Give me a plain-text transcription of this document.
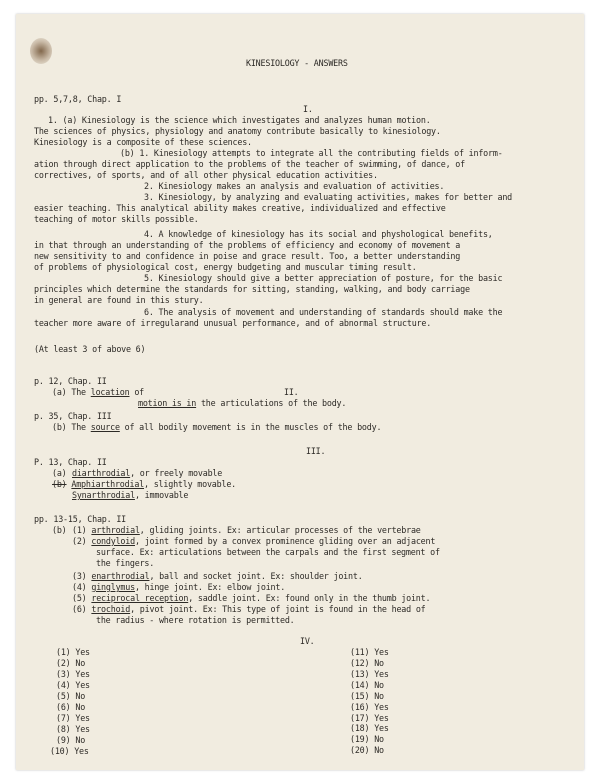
KINESIOLOGY - ANSWERS

pp. 5,7,8, Chap. I

I.

1. (a) Kinesiology is the science which investigates and analyzes human motion.

The sciences of physics, physiology and anatomy contribute basically to kinesiology.

Kinesiology is a composite of these sciences.

(b) 1. Kinesiology attempts to integrate all the contributing fields of inform-

ation through direct application to the problems of the teacher of swimming, of dance, of

correctives, of sports, and of all other physical education activities.

2. Kinesiology makes an analysis and evaluation of activities.

3. Kinesiology, by analyzing and evaluating activities, makes for better and

easier teaching. This analytical ability makes creative, individualized and effective

teaching of motor skills possible.

4. A knowledge of kinesiology has its social and physhological benefits,

in that through an understanding of the problems of efficiency and economy of movement a

new sensitivity to and confidence in poise and grace result. Too, a better understanding

of problems of physiological cost, energy budgeting and muscular timing result.

5. Kinesiology should give a better appreciation of posture, for the basic

principles which determine the standards for sitting, standing, walking, and body carriage

in general are found in this stury.

6. The analysis of movement and understanding of standards should make the

teacher more aware of irregularand unusual performance, and of abnormal structure.

(At least 3 of above 6)

p. 12, Chap. II

(a) The location of

	II.

motion is in the articulations of the body.

p. 35, Chap. III

(b) The source of all bodily movement is in the muscles of the body.

III.

P. 13, Chap. II

(a)

diarthrodial, or freely movable

(b) Amphiarthrodial, slightly movable.

Synarthrodial, immovable

pp. 13-15, Chap. II

(b)

(1) arthrodial, gliding joints. Ex: articular processes of the vertebrae

(2) condyloid, joint formed by a convex prominence gliding over an adjacent

surface. Ex: articulations between the carpals and the first segment of

the fingers.

(3) enarthrodial, ball and socket joint. Ex: shoulder joint.

(4) ginglymus, hinge joint. Ex: elbow joint.

(5) reciprocal reception, saddle joint. Ex: found only in the thumb joint.

(6) trochoid, pivot joint. Ex: This type of joint is found in the head of

the radius - where rotation is permitted.

IV.

(1) Yes

(2) No

(3) Yes

(4) Yes

(5) No

(6) No

(7) Yes

(8) Yes

(9) No

(10) Yes

(11) Yes

(12) No

(13) Yes

(14) No

(15) No

(16) Yes

(17) Yes

(18) Yes

(19) No

(20) No
